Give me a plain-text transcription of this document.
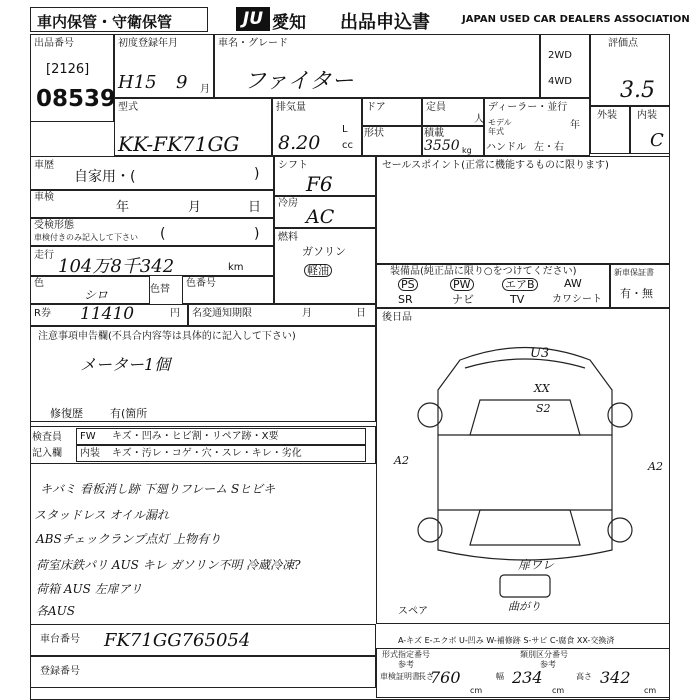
車内保管・守衛保管	JU 愛知 出品申込書	JAPAN USED CAR DEALERS ASSOCIATION
出品番号
[2126]
08539
初度登録年月
H15 9 月
車名・グレード
ファイター
2WD
4WD
評価点
3.5
外装 内装
C
型式
KK-FK71GG
排気量
8.20
L
cc
ドア	定員
人
ディーラー・並行
モデル年式
年
ハンドル 左・右
形状	積載
3550 kg
車歴
自家用・(	)
車検
年	月	日
受検形態
車検付きのみ記入して下さい (	)
走行
104万8千342	km
色
シロ	色替
色番号
シフト
F6
冷房
AC
燃料
ガソリン
軽油
セールスポイント(正常に機能するものに限ります)
装備品(純正品に限り○をつけてください)
PS	PW	エアB	AW
SR	ナビ	TV	カワシート
新車保証書
有・無
R券 11410	円 名変通知期限	月	日 後日品
注意事項申告欄(不具合内容等は具体的に記入して下さい)
メーター1個
修復歴 有(箇所
検査員
記入欄
FW キズ・凹み・ヒビ割・リペア跡・X要
内装 キズ・汚レ・コゲ・穴・スレ・キレ・劣化
キバミ 看板消し跡 下廻りフレーム Sヒビキ
スタッドレス オイル漏れ
ABSチェックランプ点灯 上物有り
荷室床鉄パリ AUS キレ ガソリン不明 冷蔵冷凍?
荷箱 AUS 左扉アリ
各AUS
U3
XX
S2
A2	A2
扉ワレ
曲がり
スペア
A-キズ E-エクボ U-凹み W-補修跡 S-サビ C-腐食 XX-交換済
車台番号 FK71GG765054
登録番号
形式指定番号	類別区分番号
参考	参考
車検証明書
長さ
760
cm
幅 234
cm
高さ 342
cm
